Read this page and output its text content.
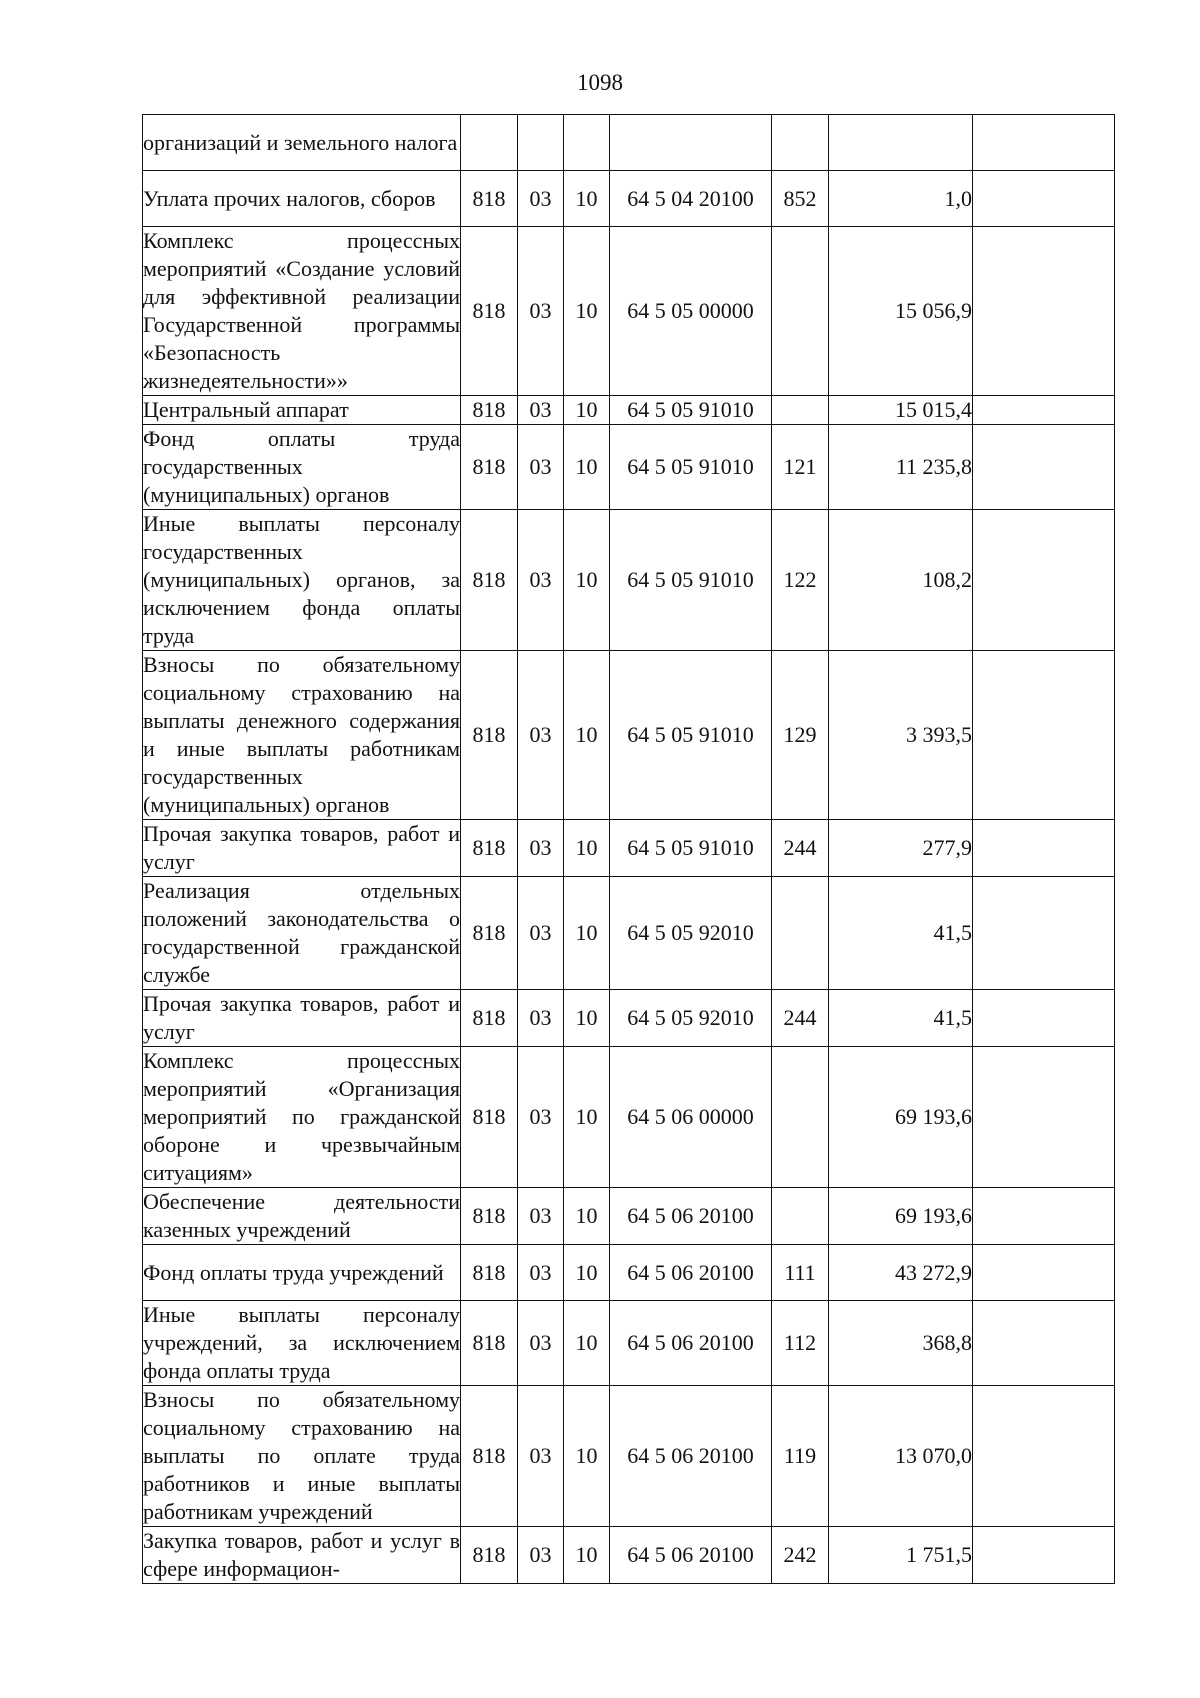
1098
организаций и земельного налога							
Уплата прочих налогов, сборов	818	03	10	64 5 04 20100	852	1,0	
Комплекс процессных мероприятий «Создание условий для эффективной реализации Государственной программы «Безопасность жизнедеятельности»»	818	03	10	64 5 05 00000		15 056,9	
Центральный аппарат	818	03	10	64 5 05 91010		15 015,4	
Фонд оплаты труда государственных (муниципальных) органов	818	03	10	64 5 05 91010	121	11 235,8	
Иные выплаты персоналу государственных (муниципальных) органов, за исключением фонда оплаты труда	818	03	10	64 5 05 91010	122	108,2	
Взносы по обязательному социальному страхованию на выплаты денежного содержания и иные выплаты работникам государственных (муниципальных) органов	818	03	10	64 5 05 91010	129	3 393,5	
Прочая закупка товаров, работ и услуг	818	03	10	64 5 05 91010	244	277,9	
Реализация отдельных положений законодательства о государственной гражданской службе	818	03	10	64 5 05 92010		41,5	
Прочая закупка товаров, работ и услуг	818	03	10	64 5 05 92010	244	41,5	
Комплекс процессных мероприятий «Организация мероприятий по гражданской обороне и чрезвычайным ситуациям»	818	03	10	64 5 06 00000		69 193,6	
Обеспечение деятельности казенных учреждений	818	03	10	64 5 06 20100		69 193,6	
Фонд оплаты труда учреждений	818	03	10	64 5 06 20100	111	43 272,9	
Иные выплаты персоналу учреждений, за исключением фонда оплаты труда	818	03	10	64 5 06 20100	112	368,8	
Взносы по обязательному социальному страхованию на выплаты по оплате труда работников и иные выплаты работникам учреждений	818	03	10	64 5 06 20100	119	13 070,0	
Закупка товаров, работ и услуг в сфере информацион-	818	03	10	64 5 06 20100	242	1 751,5	
